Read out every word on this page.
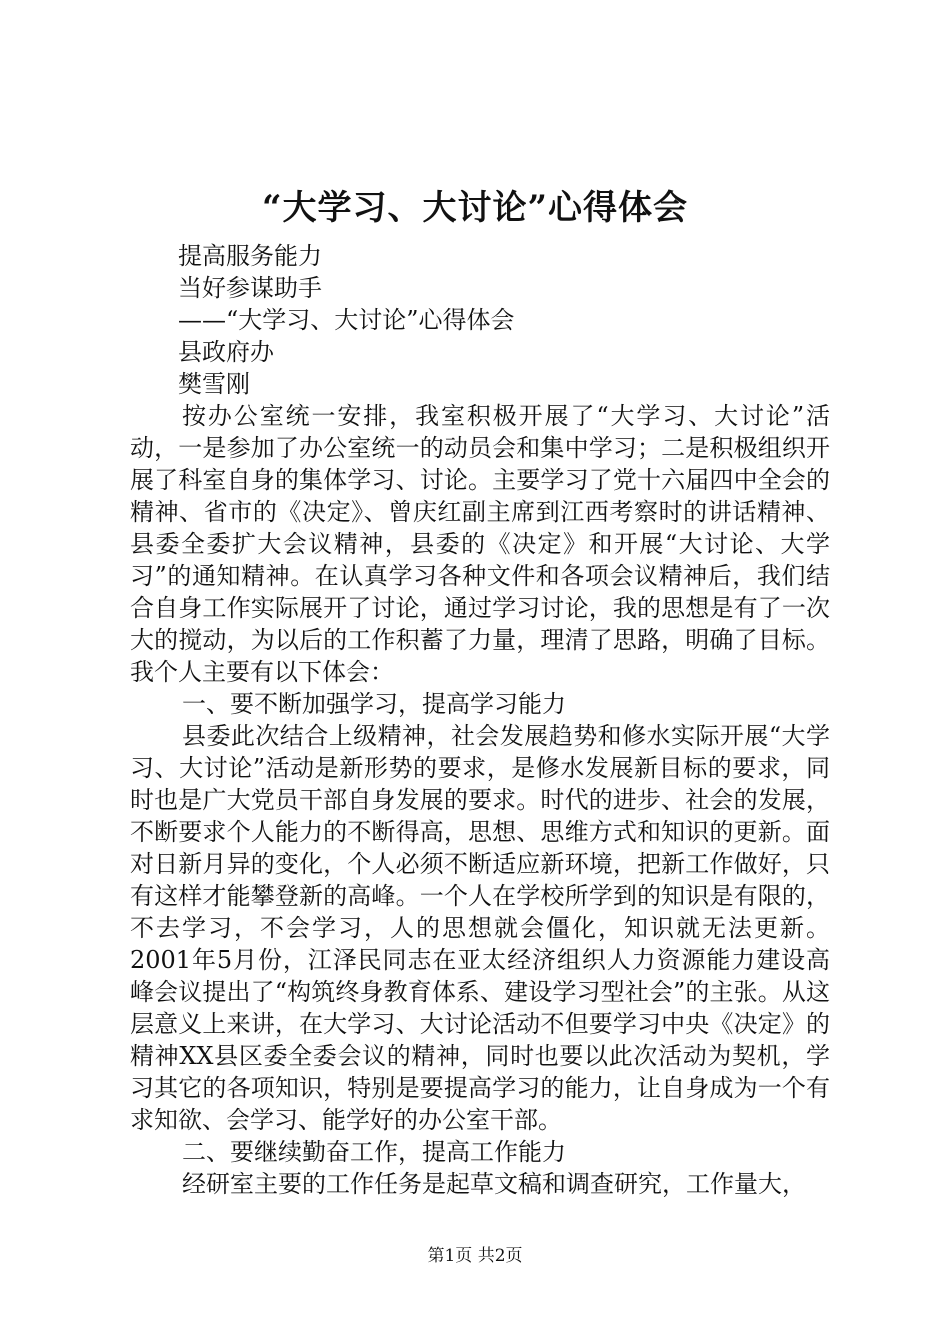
“大学习、大讨论”心得体会
提高服务能力
当好参谋助手
——“大学习、大讨论”心得体会
县政府办
樊雪刚

按办公室统一安排，我室积极开展了“大学习、大讨论”活动，一是参加了办公室统一的动员会和集中学习；二是积极组织开展了科室自身的集体学习、讨论。主要学习了党十六届四中全会的精神、省市的《决定》、曾庆红副主席到江西考察时的讲话精神、县委全委扩大会议精神，县委的《决定》和开展“大讨论、大学习”的通知精神。在认真学习各种文件和各项会议精神后，我们结合自身工作实际展开了讨论，通过学习讨论，我的思想是有了一次大的搅动，为以后的工作积蓄了力量，理清了思路，明确了目标。我个人主要有以下体会：

一、要不断加强学习，提高学习能力

县委此次结合上级精神，社会发展趋势和修水实际开展“大学习、大讨论”活动是新形势的要求，是修水发展新目标的要求，同时也是广大党员干部自身发展的要求。时代的进步、社会的发展，不断要求个人能力的不断得高，思想、思维方式和知识的更新。面对日新月异的变化，个人必须不断适应新环境，把新工作做好，只有这样才能攀登新的高峰。一个人在学校所学到的知识是有限的，不去学习，不会学习，人的思想就会僵化，知识就无法更新。2001年5月份，江泽民同志在亚太经济组织人力资源能力建设高峰会议提出了“构筑终身教育体系、建设学习型社会”的主张。从这层意义上来讲，在大学习、大讨论活动不但要学习中央《决定》的精神XX县区委全委会议的精神，同时也要以此次活动为契机，学习其它的各项知识，特别是要提高学习的能力，让自身成为一个有求知欲、会学习、能学好的办公室干部。

二、要继续勤奋工作，提高工作能力

经研室主要的工作任务是起草文稿和调查研究，工作量大，

第1页 共2页
